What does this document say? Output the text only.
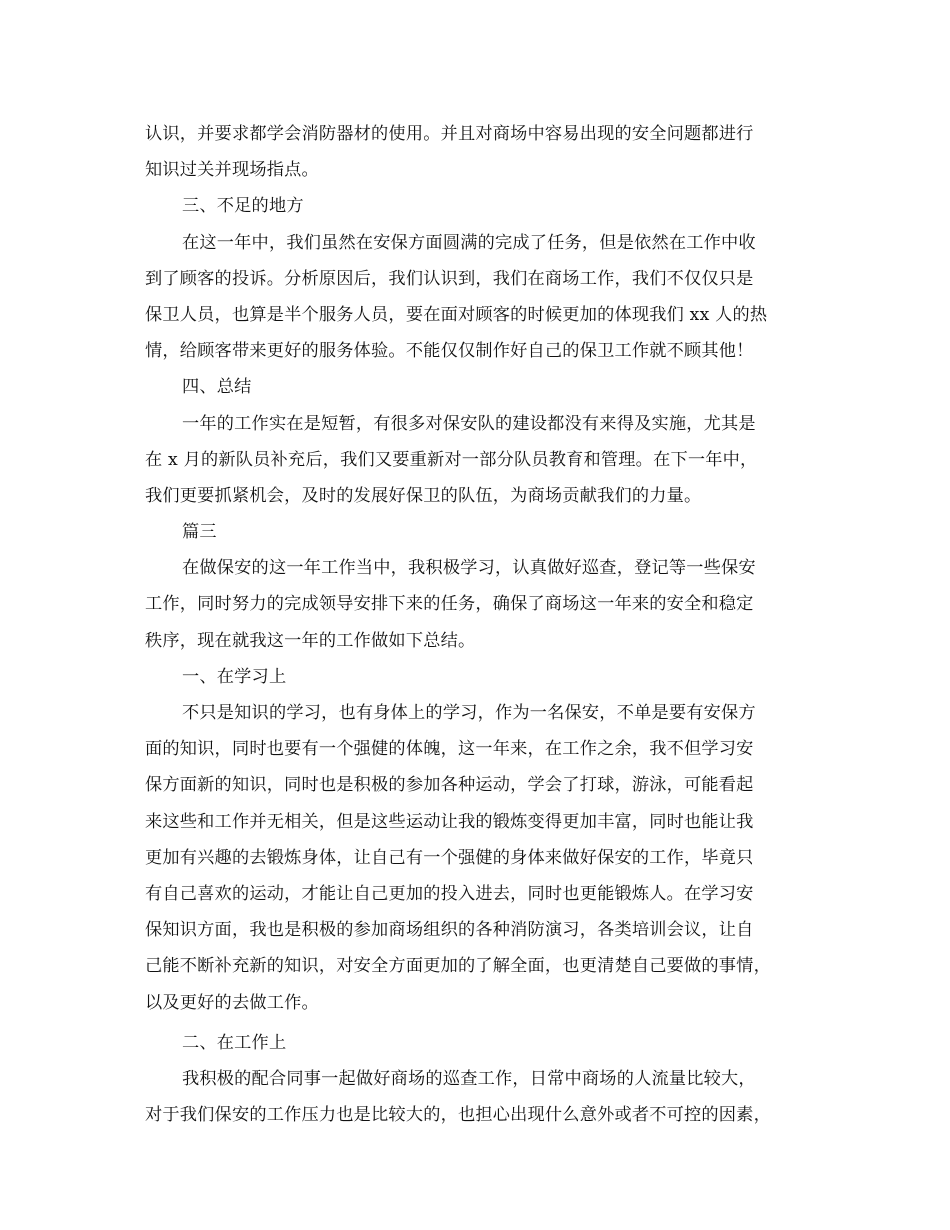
认识，并要求都学会消防器材的使用。并且对商场中容易出现的安全问题都进行
知识过关并现场指点。
三、不足的地方
在这一年中，我们虽然在安保方面圆满的完成了任务，但是依然在工作中收
到了顾客的投诉。分析原因后，我们认识到，我们在商场工作，我们不仅仅只是
保卫人员，也算是半个服务人员，要在面对顾客的时候更加的体现我们 xx 人的热
情，给顾客带来更好的服务体验。不能仅仅制作好自己的保卫工作就不顾其他！
四、总结
一年的工作实在是短暂，有很多对保安队的建设都没有来得及实施，尤其是
在 x 月的新队员补充后，我们又要重新对一部分队员教育和管理。在下一年中，
我们更要抓紧机会，及时的发展好保卫的队伍，为商场贡献我们的力量。
篇三
在做保安的这一年工作当中，我积极学习，认真做好巡查，登记等一些保安
工作，同时努力的完成领导安排下来的任务，确保了商场这一年来的安全和稳定
秩序，现在就我这一年的工作做如下总结。
一、在学习上
不只是知识的学习，也有身体上的学习，作为一名保安，不单是要有安保方
面的知识，同时也要有一个强健的体魄，这一年来，在工作之余，我不但学习安
保方面新的知识，同时也是积极的参加各种运动，学会了打球，游泳，可能看起
来这些和工作并无相关，但是这些运动让我的锻炼变得更加丰富，同时也能让我
更加有兴趣的去锻炼身体，让自己有一个强健的身体来做好保安的工作，毕竟只
有自己喜欢的运动，才能让自己更加的投入进去，同时也更能锻炼人。在学习安
保知识方面，我也是积极的参加商场组织的各种消防演习，各类培训会议，让自
己能不断补充新的知识，对安全方面更加的了解全面，也更清楚自己要做的事情，
以及更好的去做工作。
二、在工作上
我积极的配合同事一起做好商场的巡查工作，日常中商场的人流量比较大，
对于我们保安的工作压力也是比较大的，也担心出现什么意外或者不可控的因素，
